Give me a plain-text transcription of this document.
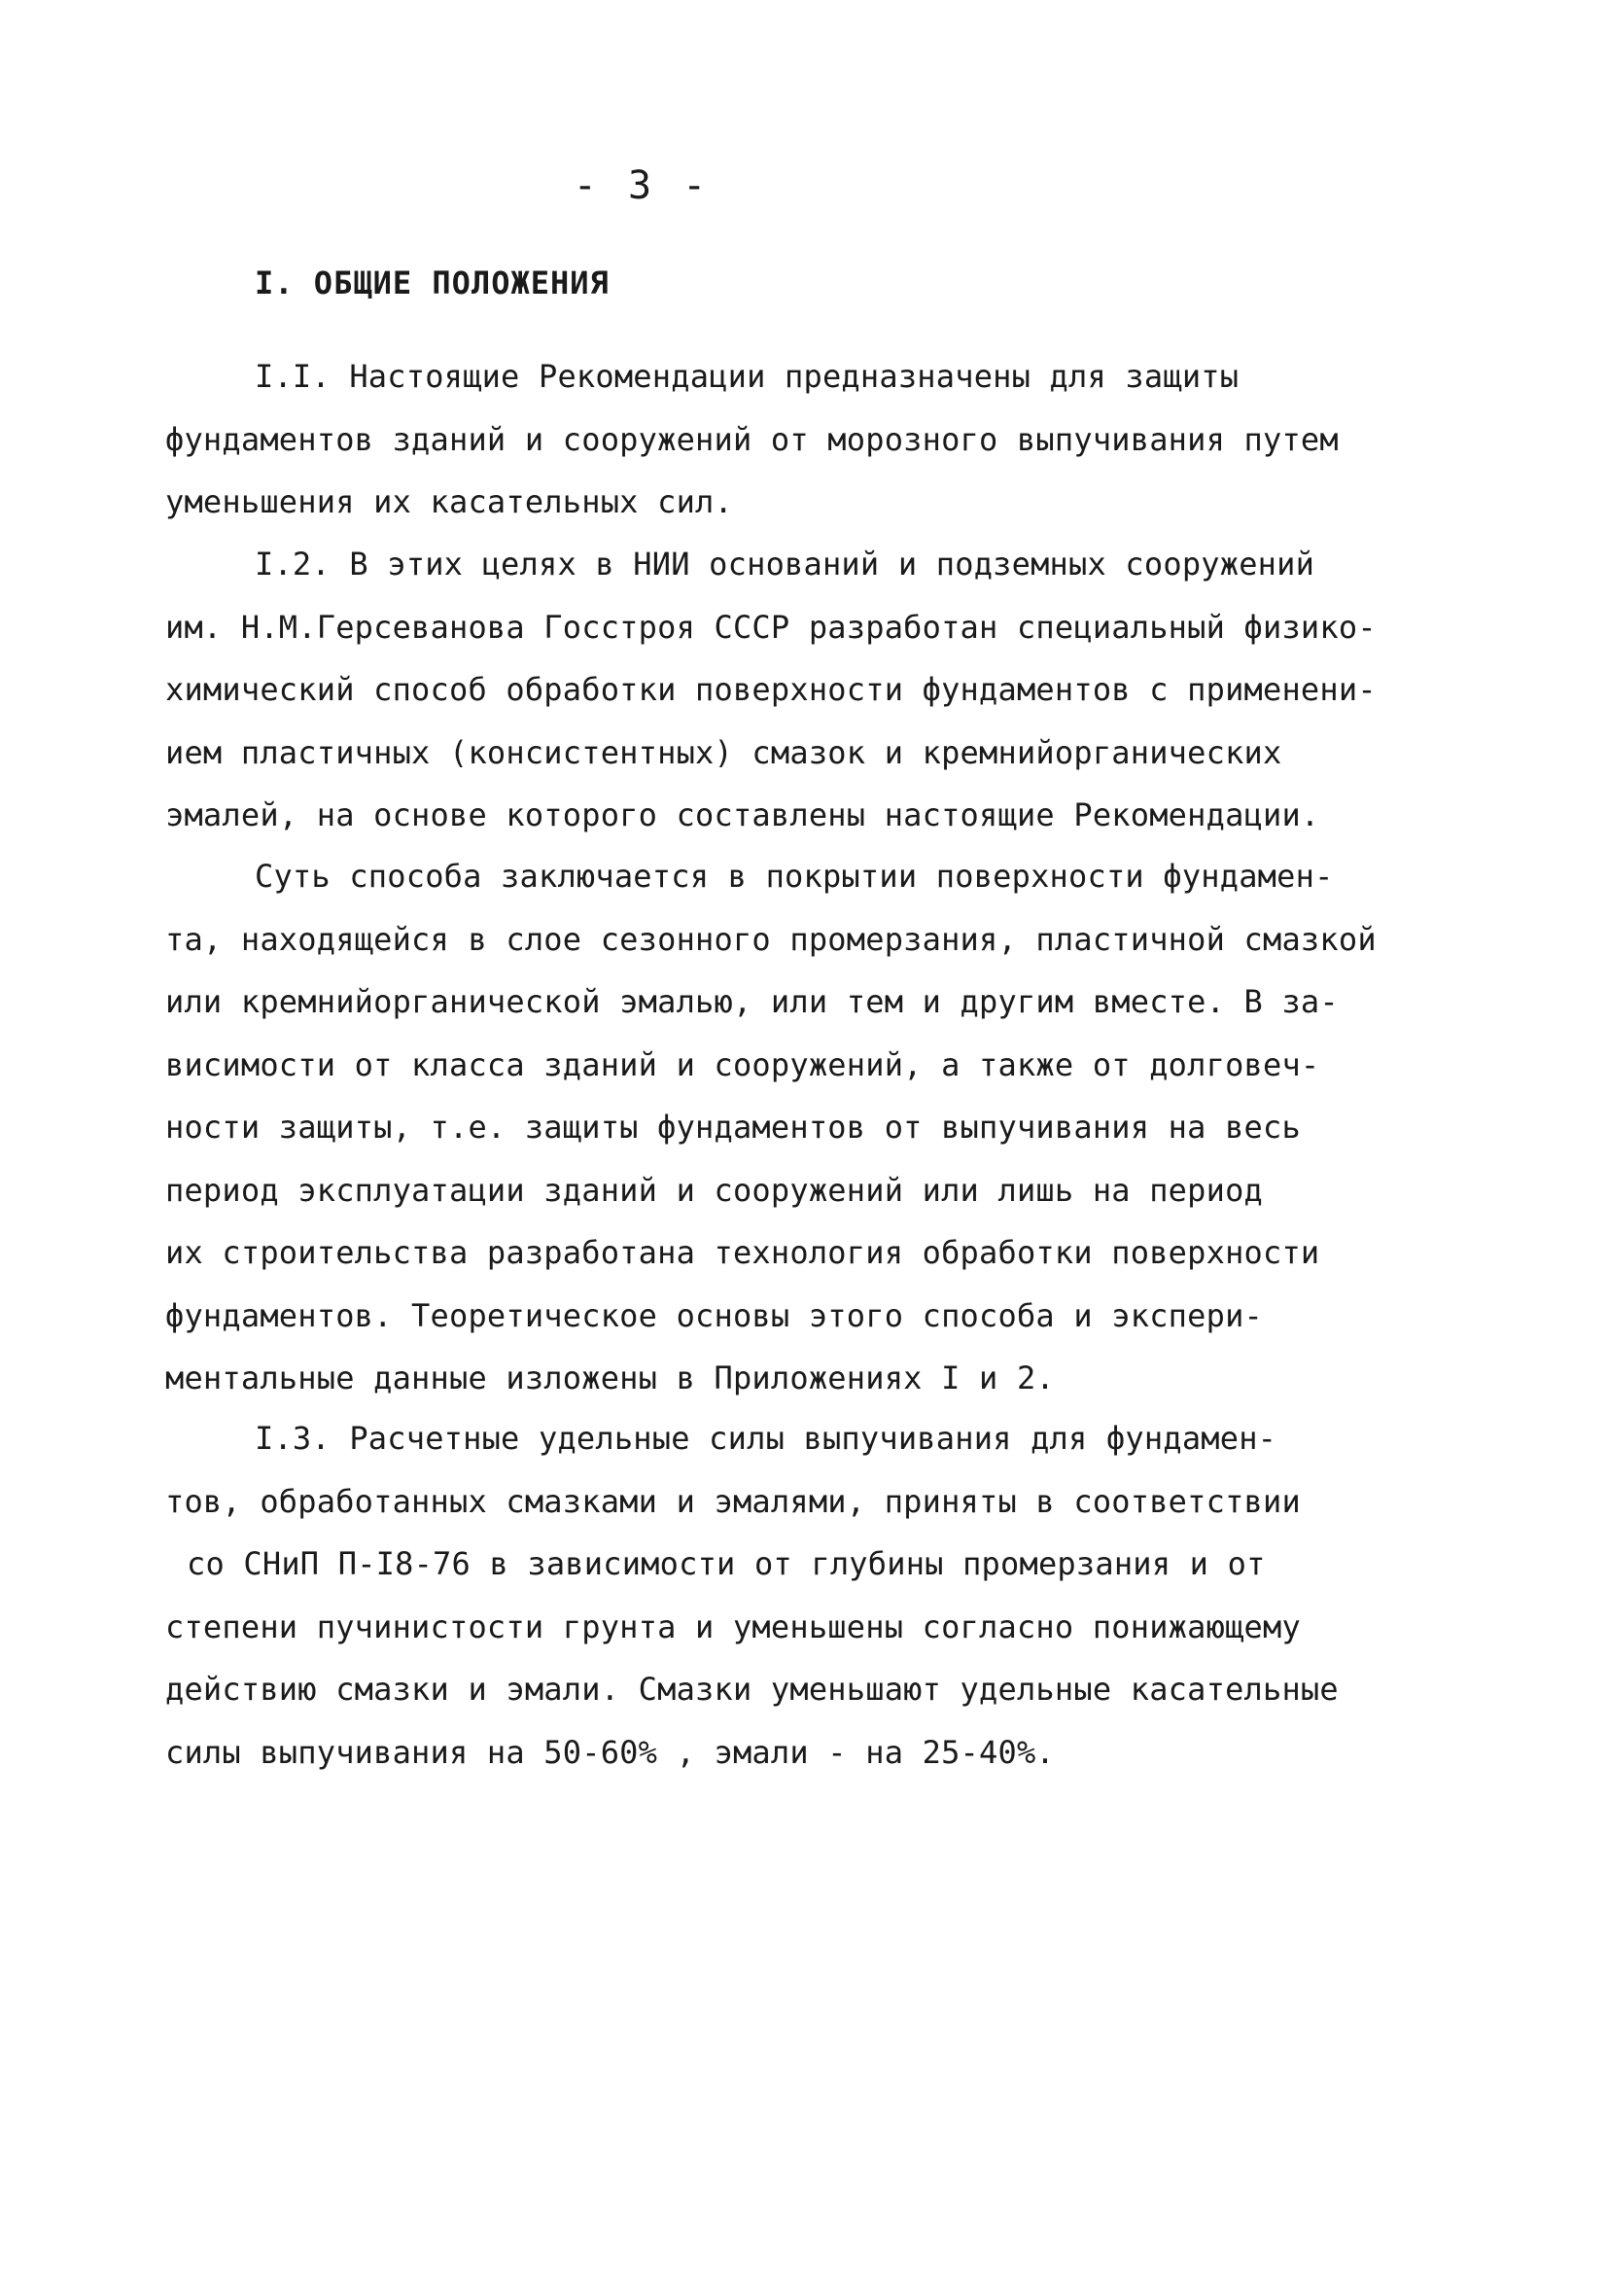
- 3 -
I. ОБЩИЕ ПОЛОЖЕНИЯ
I.I. Настоящие Рекомендации предназначены для защиты
фундаментов зданий и сооружений от морозного выпучивания путем
уменьшения их касательных сил.
I.2. В этих целях в НИИ оснований и подземных сооружений
им. Н.М.Герсеванова Госстроя СССР разработан специальный физико-
химический способ обработки поверхности фундаментов с применени-
ием пластичных (консистентных) смазок и кремнийорганических
эмалей, на основе которого составлены настоящие Рекомендации.
Суть способа заключается в покрытии поверхности фундамен-
та, находящейся в слое сезонного промерзания, пластичной смазкой
или кремнийорганической эмалью, или тем и другим вместе. В за-
висимости от класса зданий и сооружений, а также от долговеч-
ности защиты, т.е. защиты фундаментов от выпучивания на весь
период эксплуатации зданий и сооружений или лишь на период
их строительства разработана технология обработки поверхности
фундаментов. Теоретическое основы этого способа и экспери-
ментальные данные изложены в Приложениях I и 2.
I.3. Расчетные удельные силы выпучивания для фундамен-
тов, обработанных смазками и эмалями, приняты в соответствии
со СНиП П-I8-76 в зависимости от глубины промерзания и от
степени пучинистости грунта и уменьшены согласно понижающему
действию смазки и эмали. Смазки уменьшают удельные касательные
силы выпучивания на 50-60% , эмали - на 25-40%.
